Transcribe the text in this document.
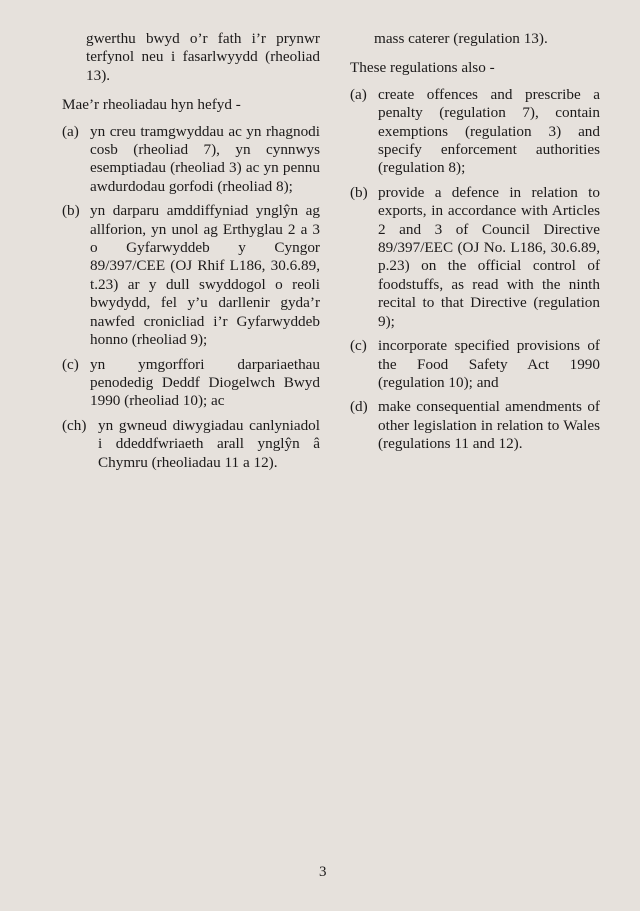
gwerthu bwyd o’r fath i’r prynwr terfynol neu i fasarlwyydd (rheoliad 13).

Mae’r rheoliadau hyn hefyd -

(a) yn creu tramgwyddau ac yn rhagnodi cosb (rheoliad 7), yn cynnwys esemptiadau (rheoliad 3) ac yn pennu awdurdodau gorfodi (rheoliad 8);
(b) yn darparu amddiffyniad ynglŷn ag allforion, yn unol ag Erthyglau 2 a 3 o Gyfarwyddeb y Cyngor 89/397/CEE (OJ Rhif L186, 30.6.89, t.23) ar y dull swyddogol o reoli bwydydd, fel y’u darllenir gyda’r nawfed cronicliad i’r Gyfarwyddeb honno (rheoliad 9);
(c) yn ymgorffori darpariaethau penodedig Deddf Diogelwch Bwyd 1990 (rheoliad 10); ac
(ch) yn gwneud diwygiadau canlyniadol i ddeddfwriaeth arall ynglŷn â Chymru (rheoliadau 11 a 12).

mass caterer (regulation 13).

These regulations also -

(a) create offences and prescribe a penalty (regulation 7), contain exemptions (regulation 3) and specify enforcement authorities (regulation 8);
(b) provide a defence in relation to exports, in accordance with Articles 2 and 3 of Council Directive 89/397/EEC (OJ No. L186, 30.6.89, p.23) on the official control of foodstuffs, as read with the ninth recital to that Directive (regulation 9);
(c) incorporate specified provisions of the Food Safety Act 1990 (regulation 10); and
(d) make consequential amendments of other legislation in relation to Wales (regulations 11 and 12).
3
